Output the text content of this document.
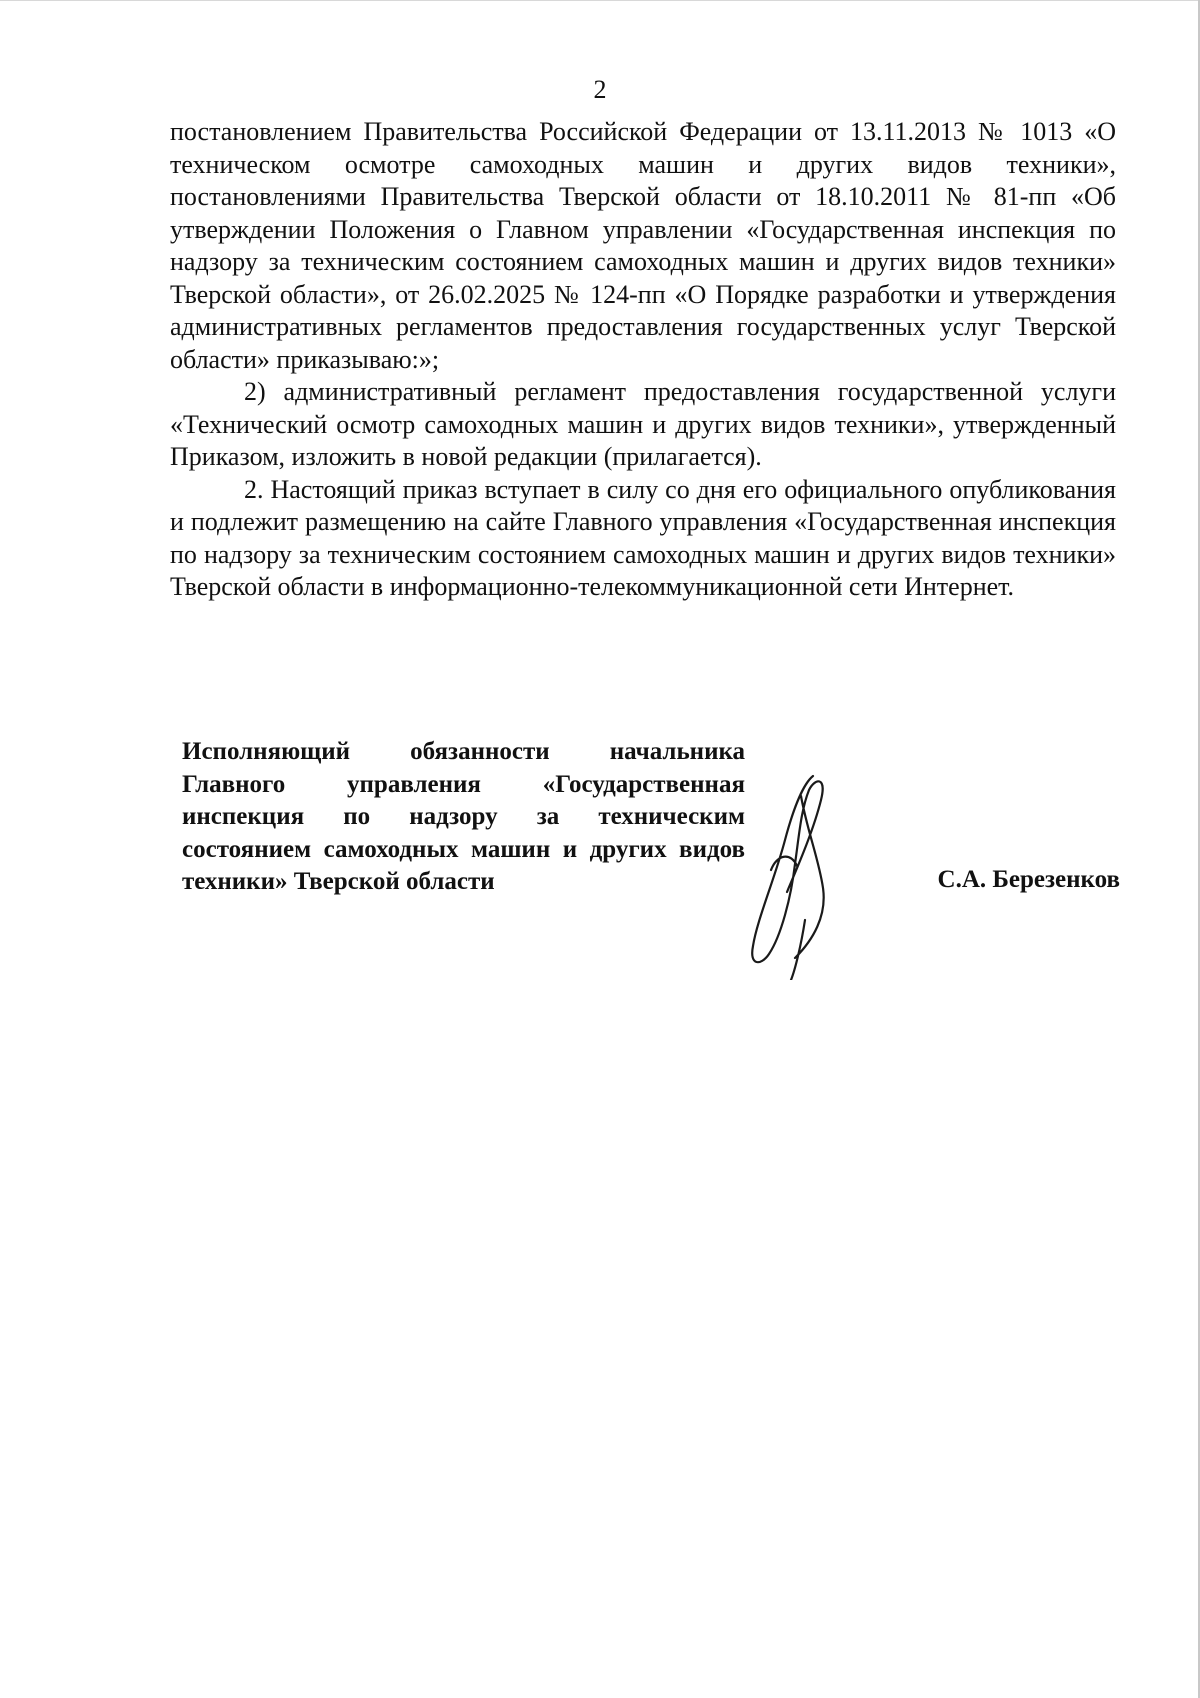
2

постановлением Правительства Российской Федерации от 13.11.2013 № 1013 «О техническом осмотре самоходных машин и других видов техники», постановлениями Правительства Тверской области от 18.10.2011 № 81-пп «Об утверждении Положения о Главном управлении «Государственная инспекция по надзору за техническим состоянием самоходных машин и других видов техники» Тверской области», от 26.02.2025 № 124-пп «О Порядке разработки и утверждения административных регламентов предоставления государственных услуг Тверской области» приказываю:»;

2) административный регламент предоставления государственной услуги «Технический осмотр самоходных машин и других видов техники», утвержденный Приказом, изложить в новой редакции (прилагается).

2. Настоящий приказ вступает в силу со дня его официального опубликования и подлежит размещению на сайте Главного управления «Государственная инспекция по надзору за техническим состоянием самоходных машин и других видов техники» Тверской области в информационно-телекоммуникационной сети Интернет.

Исполняющий обязанности начальника Главного управления «Государственная инспекция по надзору за техническим состоянием самоходных машин и других видов техники» Тверской области	С.А. Березенков
